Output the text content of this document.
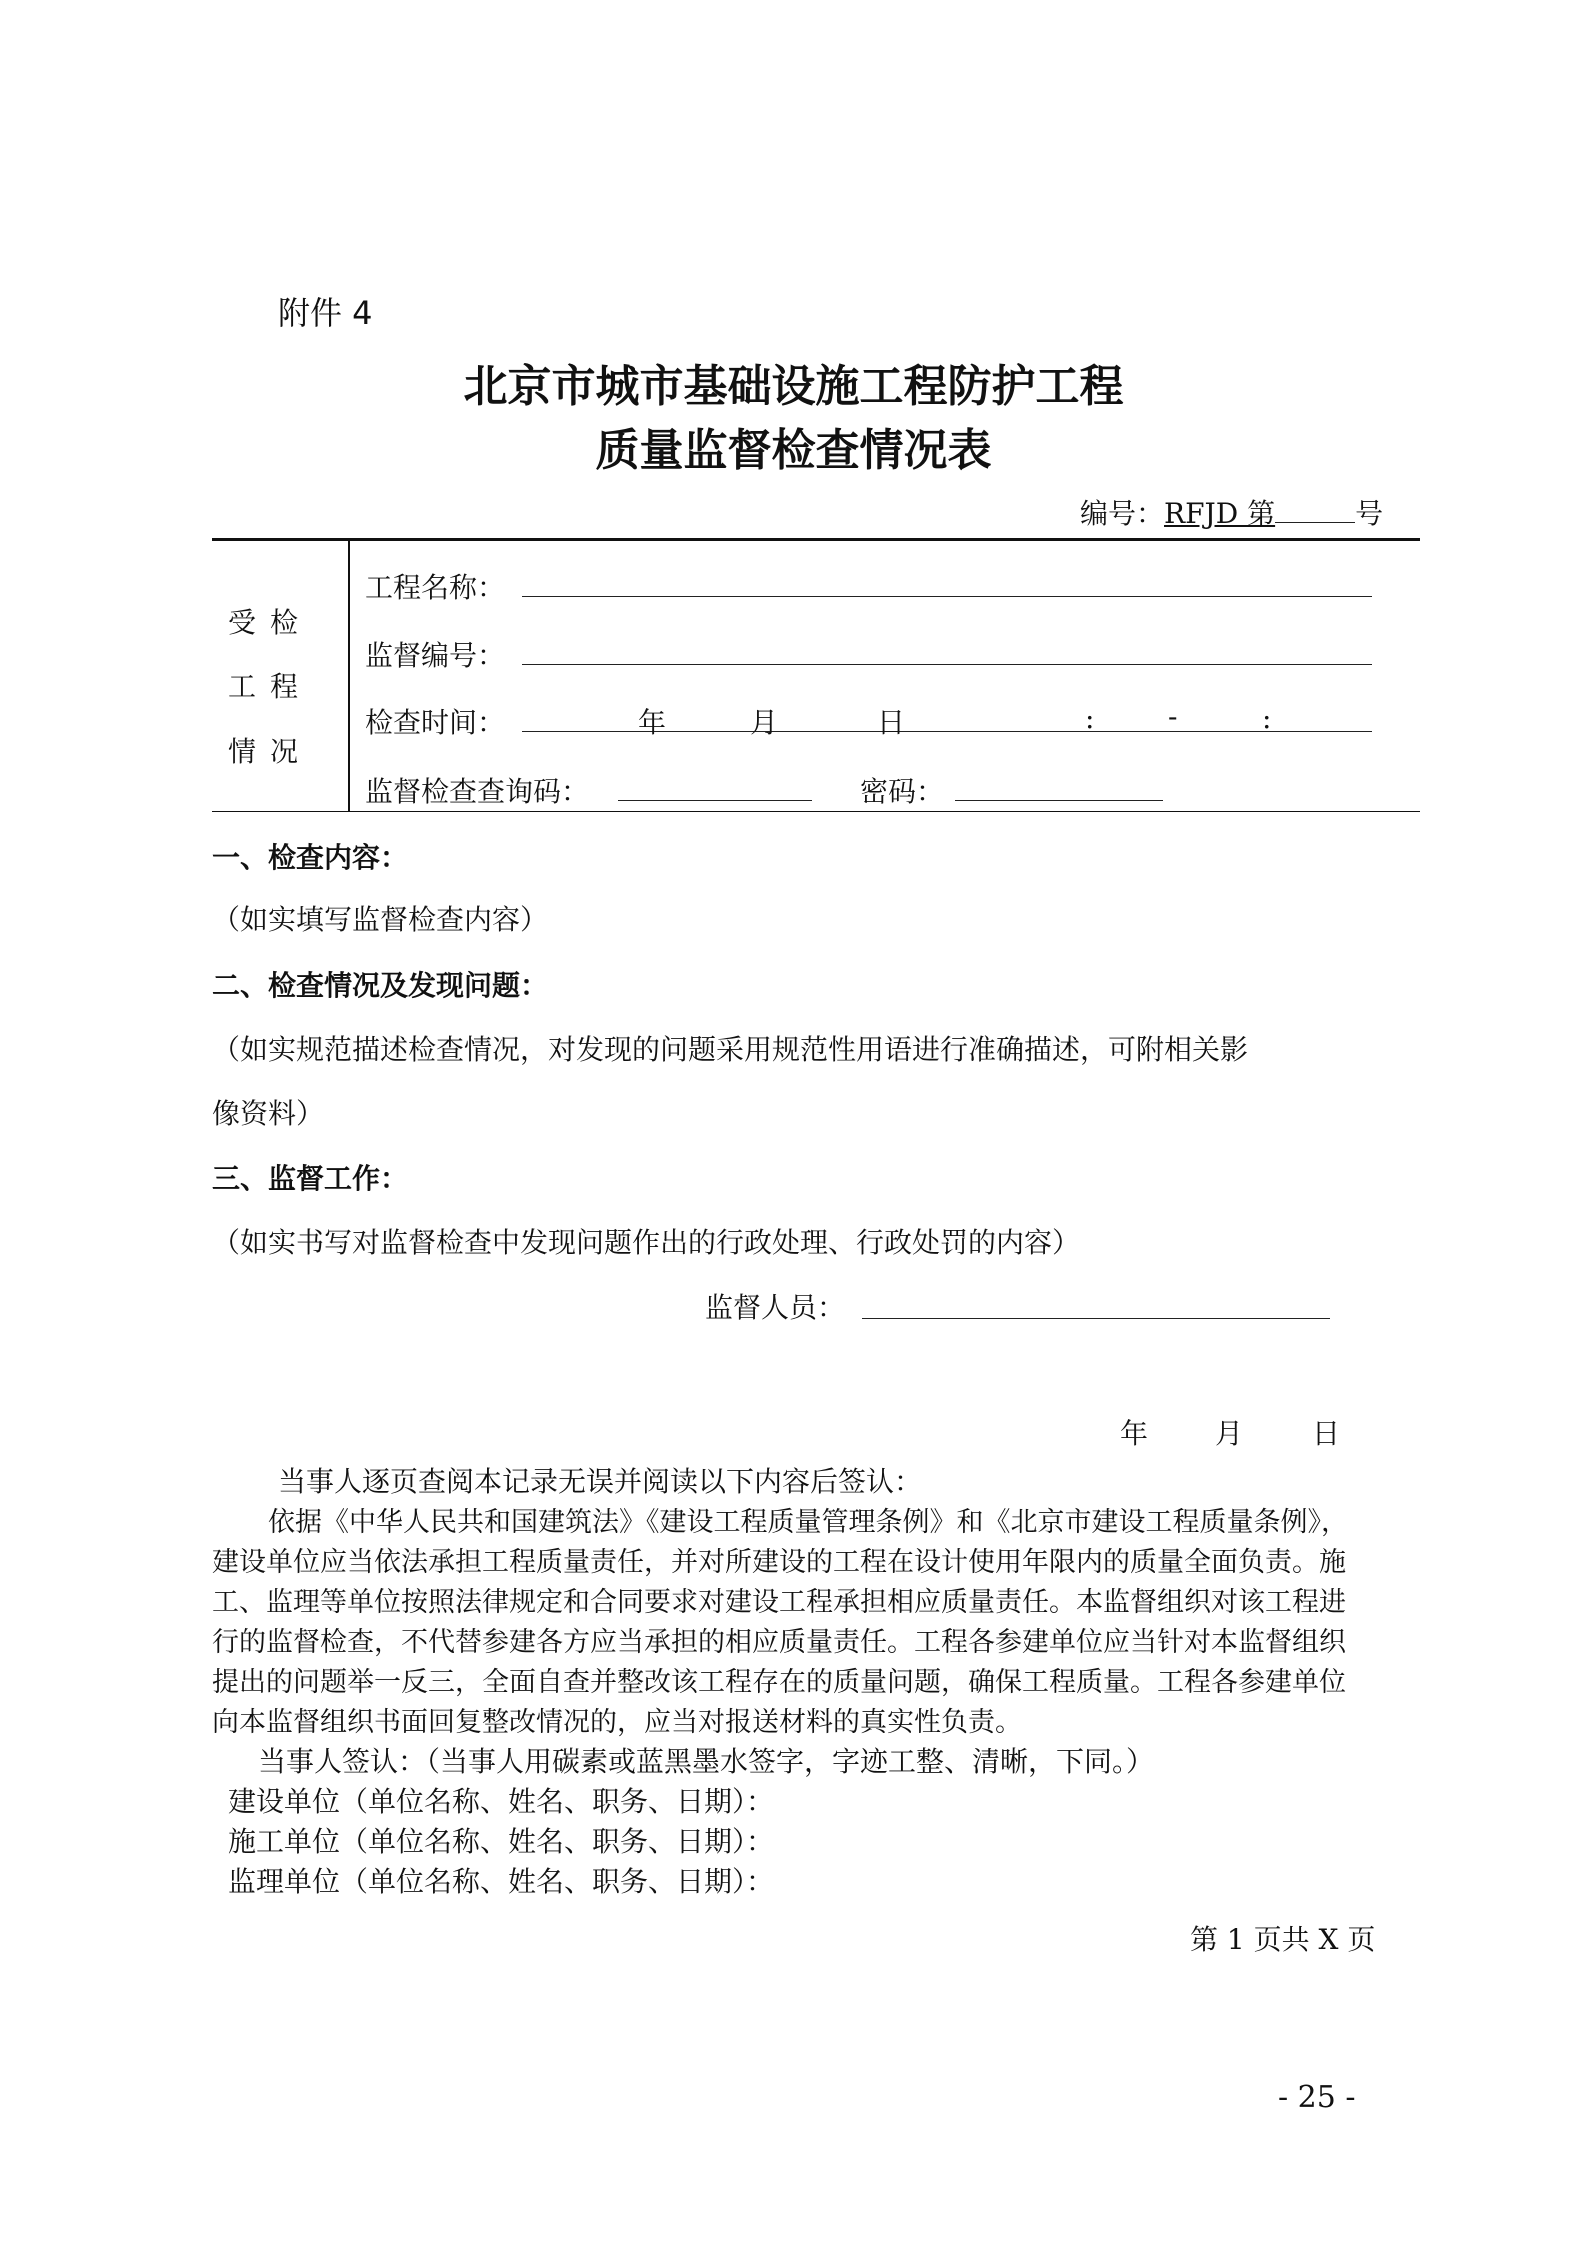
附件 4
北京市城市基础设施工程防护工程
质量监督检查情况表
编号：RFJD 第	号
受检
工程
情况
工程名称：
监督编号：
检查时间：	年	月	日	:	-	:
监督检查查询码：	密码：
一、检查内容：
（如实填写监督检查内容）
二、检查情况及发现问题：
（如实规范描述检查情况，对发现的问题采用规范性用语进行准确描述，可附相关影
像资料）
三、监督工作：
（如实书写对监督检查中发现问题作出的行政处理、行政处罚的内容）
监督人员：
年 月 日
当事人逐页查阅本记录无误并阅读以下内容后签认：
依据《中华人民共和国建筑法》《建设工程质量管理条例》和《北京市建设工程质量条例》，
建设单位应当依法承担工程质量责任，并对所建设的工程在设计使用年限内的质量全面负责。施
工、监理等单位按照法律规定和合同要求对建设工程承担相应质量责任。本监督组织对该工程进
行的监督检查，不代替参建各方应当承担的相应质量责任。工程各参建单位应当针对本监督组织
提出的问题举一反三，全面自查并整改该工程存在的质量问题，确保工程质量。工程各参建单位
向本监督组织书面回复整改情况的，应当对报送材料的真实性负责。
当事人签认：（当事人用碳素或蓝黑墨水签字，字迹工整、清晰，下同。）
建设单位（单位名称、姓名、职务、日期）：
施工单位（单位名称、姓名、职务、日期）：
监理单位（单位名称、姓名、职务、日期）：
第 1 页共 X 页
- 25 -
